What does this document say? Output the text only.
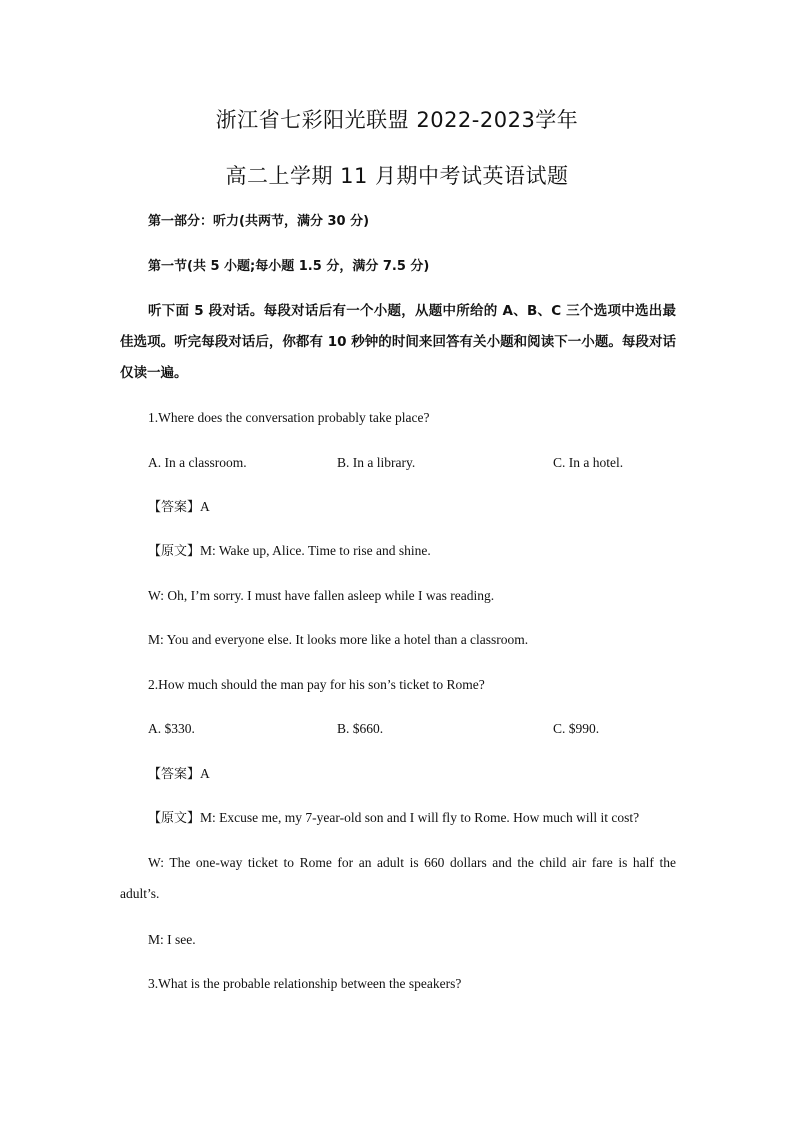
浙江省七彩阳光联盟 2022-2023学年
高二上学期 11 月期中考试英语试题
第一部分：听力(共两节，满分 30 分)
第一节(共 5 小题;每小题 1.5 分，满分 7.5 分)
听下面 5 段对话。每段对话后有一个小题，从题中所给的 A、B、C 三个选项中选出最佳选项。听完每段对话后，你都有 10 秒钟的时间来回答有关小题和阅读下一小题。每段对话仅读一遍。
1.Where does the conversation probably take place?
A. In a classroom.	B. In a library.	C. In a hotel.
【答案】A
【原文】M: Wake up, Alice. Time to rise and shine.
W: Oh, I’m sorry. I must have fallen asleep while I was reading.
M: You and everyone else. It looks more like a hotel than a classroom.
2.How much should the man pay for his son’s ticket to Rome?
A. $330.	B. $660.	C. $990.
【答案】A
【原文】M: Excuse me, my 7-year-old son and I will fly to Rome. How much will it cost?
W: The one-way ticket to Rome for an adult is 660 dollars and the child air fare is half the adult’s.
M: I see.
3.What is the probable relationship between the speakers?
